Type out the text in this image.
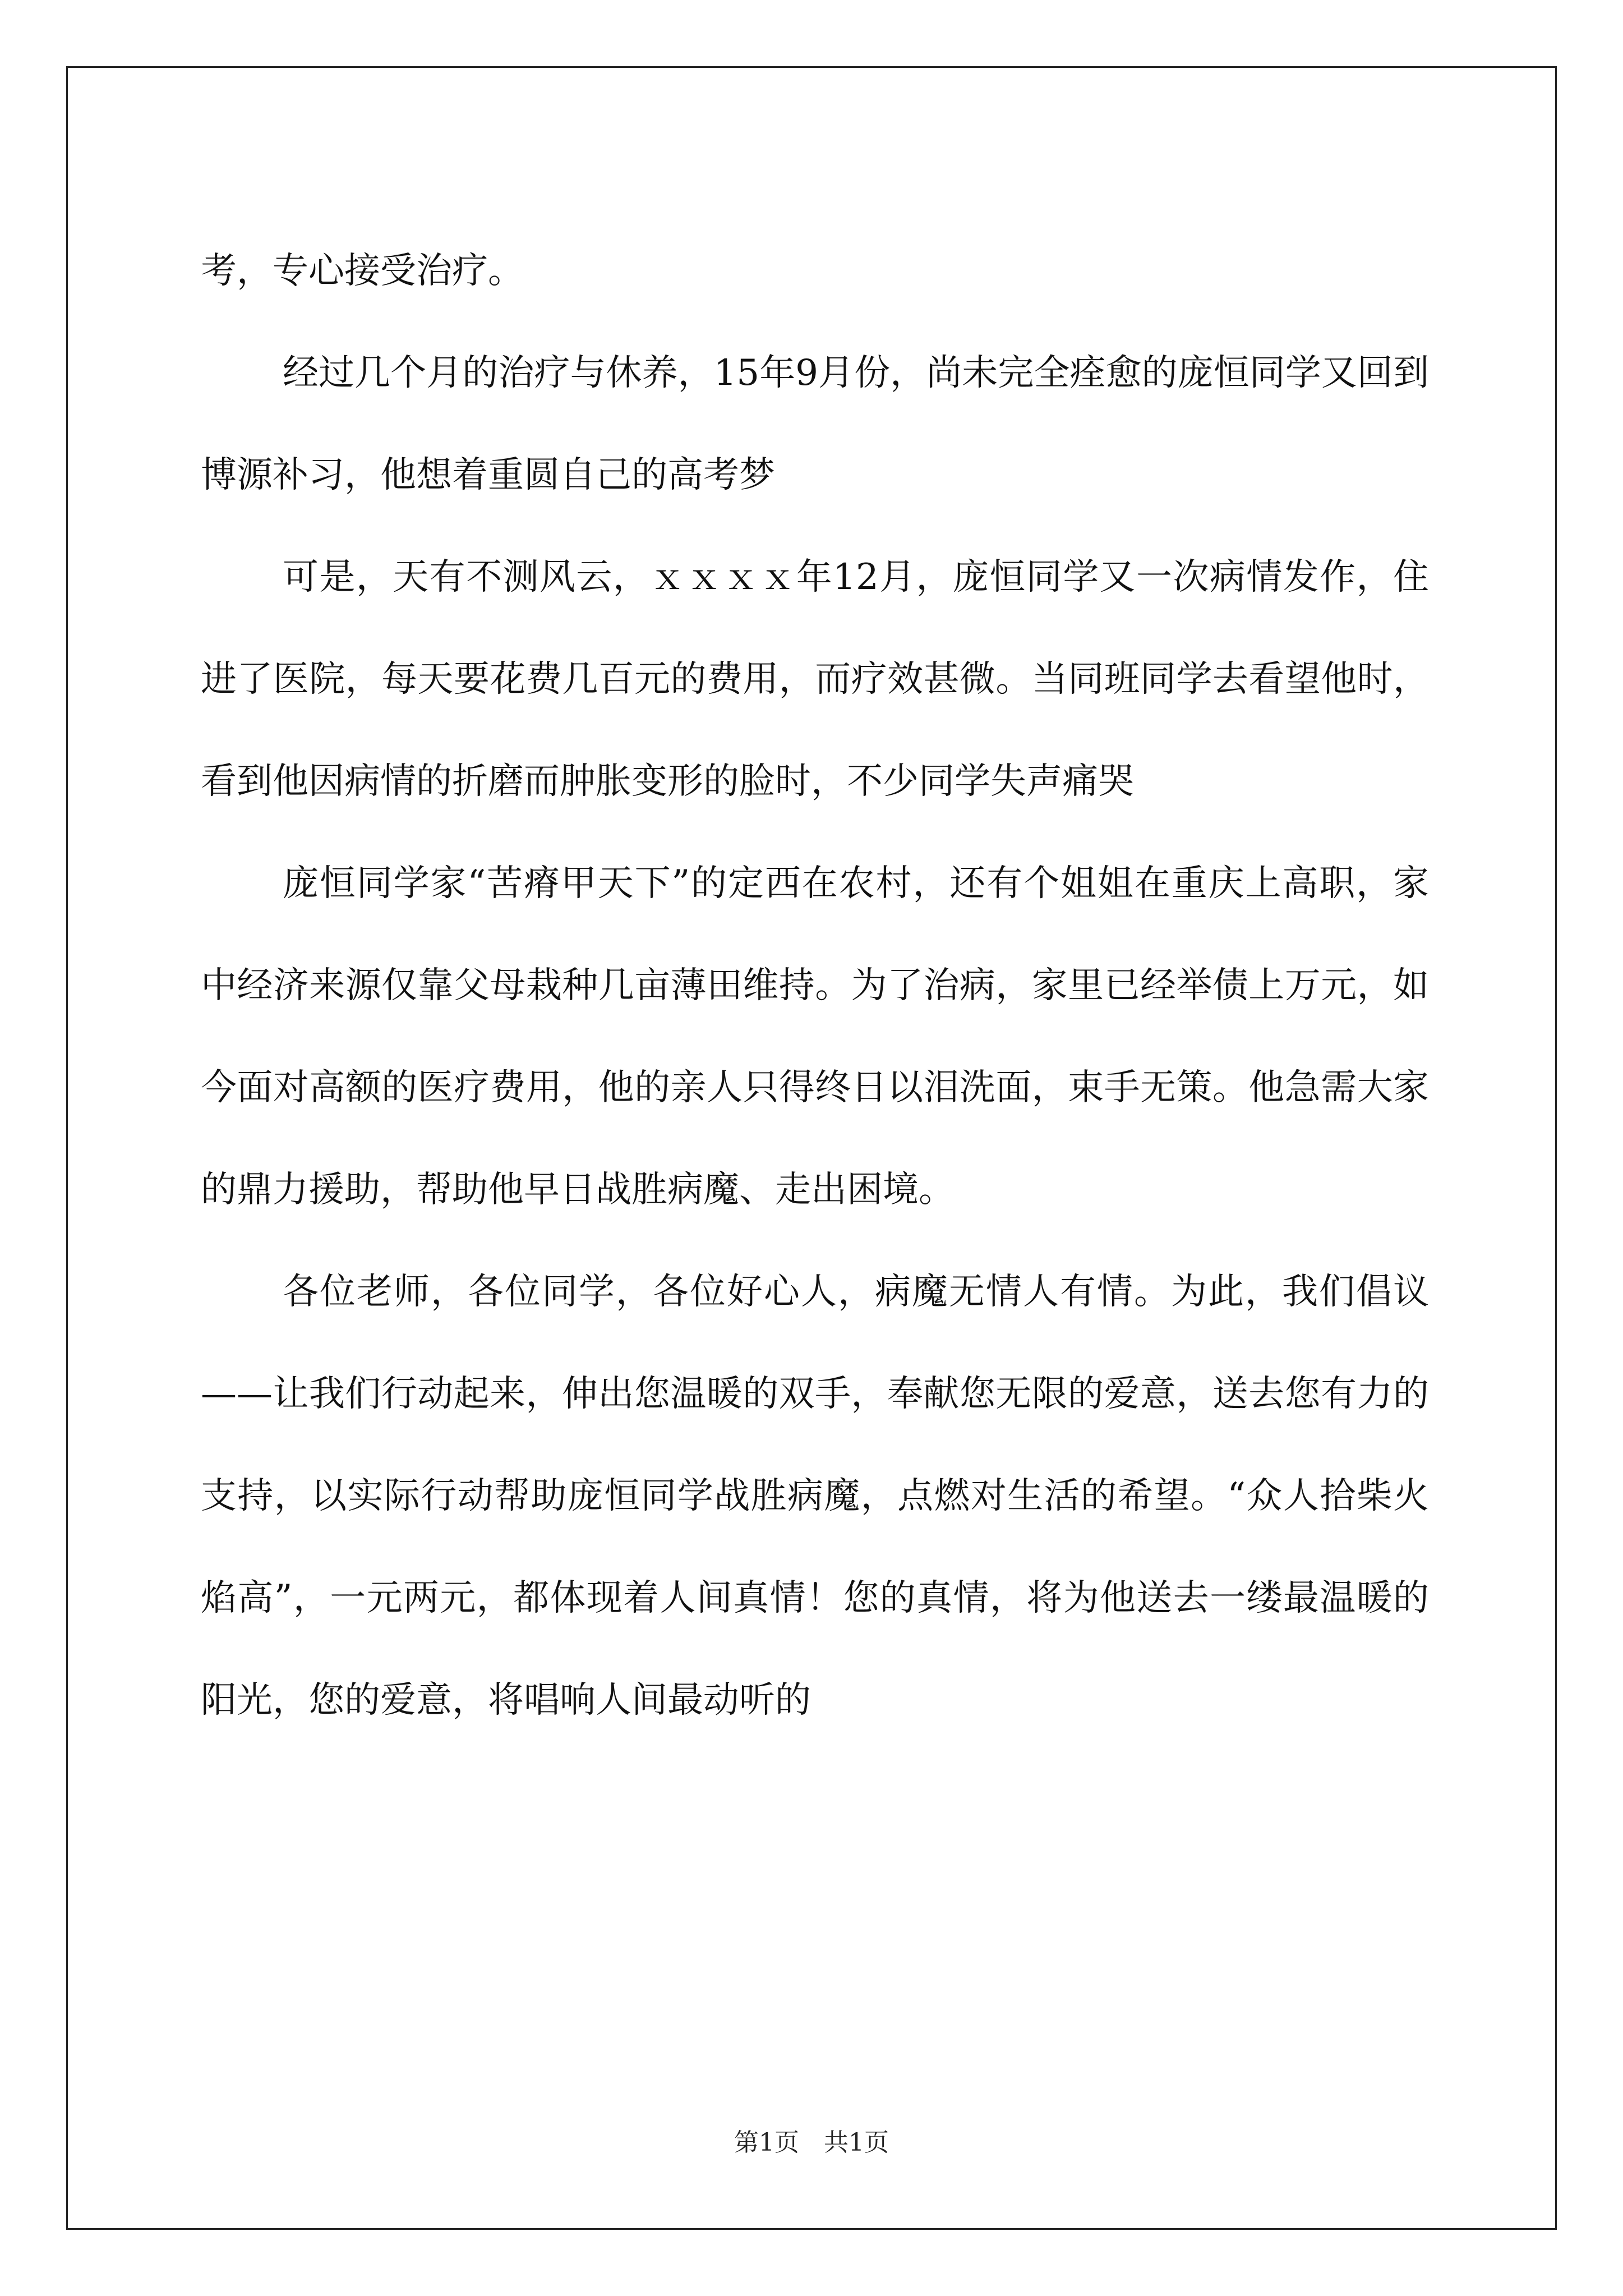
考，专心接受治疗。

经过几个月的治疗与休养，15年9月份，尚未完全痊愈的庞恒同学又回到博源补习，他想着重圆自己的高考梦

可是，天有不测风云，ｘｘｘｘ年12月，庞恒同学又一次病情发作，住进了医院，每天要花费几百元的费用，而疗效甚微。当同班同学去看望他时，看到他因病情的折磨而肿胀变形的脸时，不少同学失声痛哭

庞恒同学家“苦瘠甲天下”的定西在农村，还有个姐姐在重庆上高职，家中经济来源仅靠父母栽种几亩薄田维持。为了治病，家里已经举债上万元，如今面对高额的医疗费用，他的亲人只得终日以泪洗面，束手无策。他急需大家的鼎力援助，帮助他早日战胜病魔、走出困境。

各位老师，各位同学，各位好心人，病魔无情人有情。为此，我们倡议——让我们行动起来，伸出您温暖的双手，奉献您无限的爱意，送去您有力的支持，以实际行动帮助庞恒同学战胜病魔，点燃对生活的希望。“众人拾柴火焰高”，一元两元，都体现着人间真情！您的真情，将为他送去一缕最温暖的阳光，您的爱意，将唱响人间最动听的

第1页　共1页
